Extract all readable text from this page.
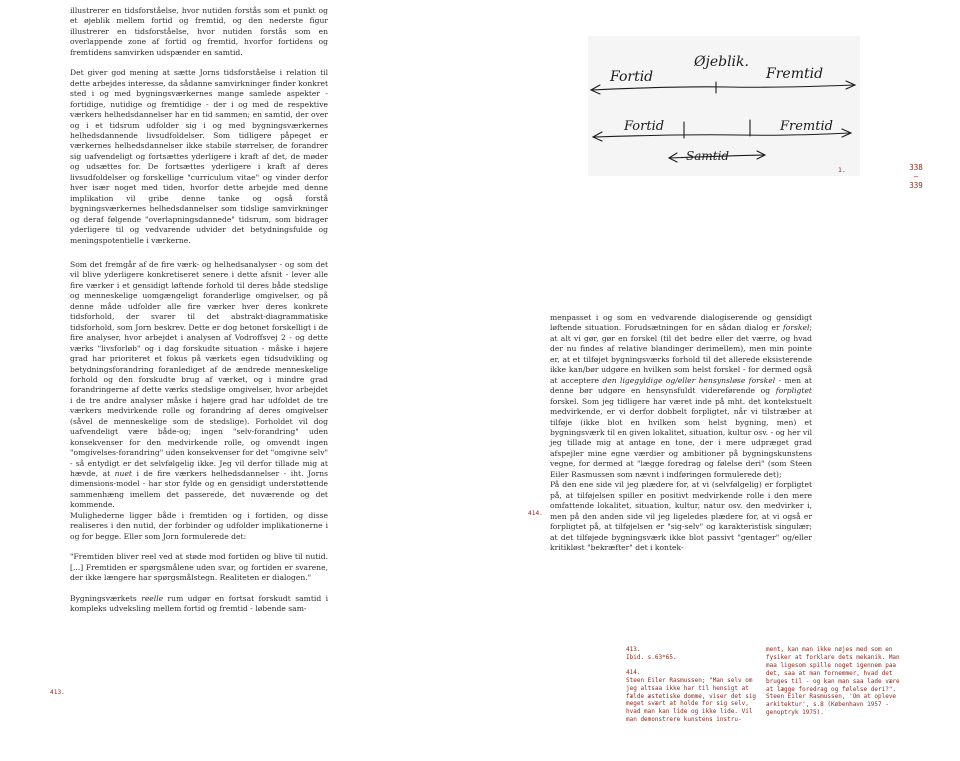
illustrerer en tidsforståelse, hvor nutiden forstås som et punkt og et øjeblik mellem fortid og fremtid, og den nederste figur illustrerer en tidsforståelse, hvor nutiden forstås som en overlappende zone af fortid og fremtid, hvorfor fortidens og fremtidens samvirken udspænder en samtid.

Det giver god mening at sætte Jorns tidsforståelse i relation til dette arbejdes interesse, da sådanne samvirkninger finder konkret sted i og med bygningsværkernes mange samlede aspekter - fortidige, nutidige og fremtidige - der i og med de respektive værkers helhedsdannelser har en tid sammen; en samtid, der over og i et tidsrum udfolder sig i og med bygningsværkernes helhedsdannende livsudfoldelser. Som tidligere påpeget er værkernes helhedsdannelser ikke stabile størrelser, de forandrer sig uafvendeligt og fortsættes yderligere i kraft af det, de møder og udsættes for. De fortsættes yderligere i kraft af deres livsudfoldelser og forskellige "curriculum vitae" og vinder derfor hver især noget med tiden, hvorfor dette arbejde med denne implikation vil gribe denne tanke og også forstå bygningsværkernes helhedsdannelser som tidslige samvirkninger og deraf følgende "overlapningsdannede" tidsrum, som bidrager yderligere til og vedvarende udvider det betydningsfulde og meningspotentielle i værkerne.

Som det fremgår af de fire værk- og helhedsanalyser - og som det vil blive yderligere konkretiseret senere i dette afsnit - lever alle fire værker i et gensidigt løftende forhold til deres både stedslige og menneskelige uomgængeligt foranderlige omgivelser, og på denne måde udfolder alle fire værker hver deres konkrete tidsforhold, der svarer til det abstrakt-diagrammatiske tidsforhold, som Jorn beskrev. Dette er dog betonet forskelligt i de fire analyser, hvor arbejdet i analysen af Vodroffsvej 2 - og dette værks "livsforløb" og i dag forskudte situation - måske i højere grad har prioriteret et fokus på værkets egen tidsudvikling og betydningsforandring foranlediget af de ændrede menneskelige forhold og den forskudte brug af værket, og i mindre grad forandringerne af dette værks stedslige omgivelser, hvor arbejdet i de tre andre analyser måske i højere grad har udfoldet de tre værkers medvirkende rolle og forandring af deres omgivelser (såvel de menneskelige som de stedslige). Forholdet vil dog uafvendeligt være både-og; ingen "selv-forandring" uden konsekvenser for den medvirkende rolle, og omvendt ingen "omgivelses-forandring" uden konsekvenser for det "omgivne selv" - så entydigt er det selvfølgelig ikke. Jeg vil derfor tillade mig at hævde, at nuet i de fire værkers helhedsdannelser - iht. Jorns dimensions-model - har stor fylde og en gensidigt understøttende sammenhæng imellem det passerede, det nuværende og det kommende.

Mulighederne ligger både i fremtiden og i fortiden, og disse realiseres i den nutid, der forbinder og udfolder implikationerne i og for begge. Eller som Jorn formulerede det:

"Fremtiden bliver reel ved at støde mod fortiden og blive til nutid. [...] Fremtiden er spørgsmålene uden svar, og fortiden er svarene, der ikke længere har spørgsmålstegn. Realiteten er dialogen."

Bygningsværkets reelle rum udgør en fortsat forskudt samtid i kompleks udveksling mellem fortid og fremtid - løbende sam-

413.
Fortid
Øjeblik.
Fremtid
Fortid	Fremtid
Samtid
1.	338
—
339
414.

menpasset i og som en vedvarende dialogiserende og gensidigt løftende situation. Forudsætningen for en sådan dialog er forskel; at alt vi gør, gør en forskel (til det bedre eller det værre, og hvad der nu findes af relative blandinger derimellem), men min pointe er, at et tilføjet bygningsværks forhold til det allerede eksisterende ikke kan/bør udgøre en hvilken som helst forskel - for dermed også at acceptere den ligegyldige og/eller hensynsløse forskel - men at denne bør udgøre en hensynsfuldt videreførende og forpligtet forskel. Som jeg tidligere har været inde på mht. det kontekstuelt medvirkende, er vi derfor dobbelt forpligtet, når vi tilstræber at tilføje (ikke blot en hvilken som helst bygning, men) et bygningsværk til en given lokalitet, situation, kultur osv. - og her vil jeg tillade mig at antage en tone, der i mere udpræget grad afspejler mine egne værdier og ambitioner på bygningskunstens vegne, for dermed at "lægge foredrag og følelse deri" (som Steen Eiler Rasmussen som nævnt i indføringen formulerede det);

På den ene side vil jeg plædere for, at vi (selvfølgelig) er forpligtet på, at tilføjelsen spiller en positivt medvirkende rolle i den mere omfattende lokalitet, situation, kultur, natur osv. den medvirker i, men på den anden side vil jeg ligeledes plædere for, at vi også er forpligtet på, at tilføjelsen er "sig-selv" og karakteristisk singulær; at det tilføjede bygningsværk ikke blot passivt "gentager" og/eller kritikløst "bekræfter" det i kontek-

413.
Ibid. s.63*65.

414.
Steen Eiler Rasmussen; "Man selv om jeg altsaa ikke har til hensigt at fælde æstetiske domme, viser det sig meget svært at holde for sig selv, hvad man kan lide og ikke lide. Vil man demonstrere kunstens instru-

ment, kan man ikke nøjes med som en fysiker at forklare dets mekanik. Man maa ligesom spille noget igennem paa det, saa at man fornemmer, hvad det bruges til - og kan man saa lade være at lægge foredrag og følelse deri?". Steen Eiler Rasmussen, 'Om at opleve arkitektur', s.8 (København 1957 - genoptryk 1975).
